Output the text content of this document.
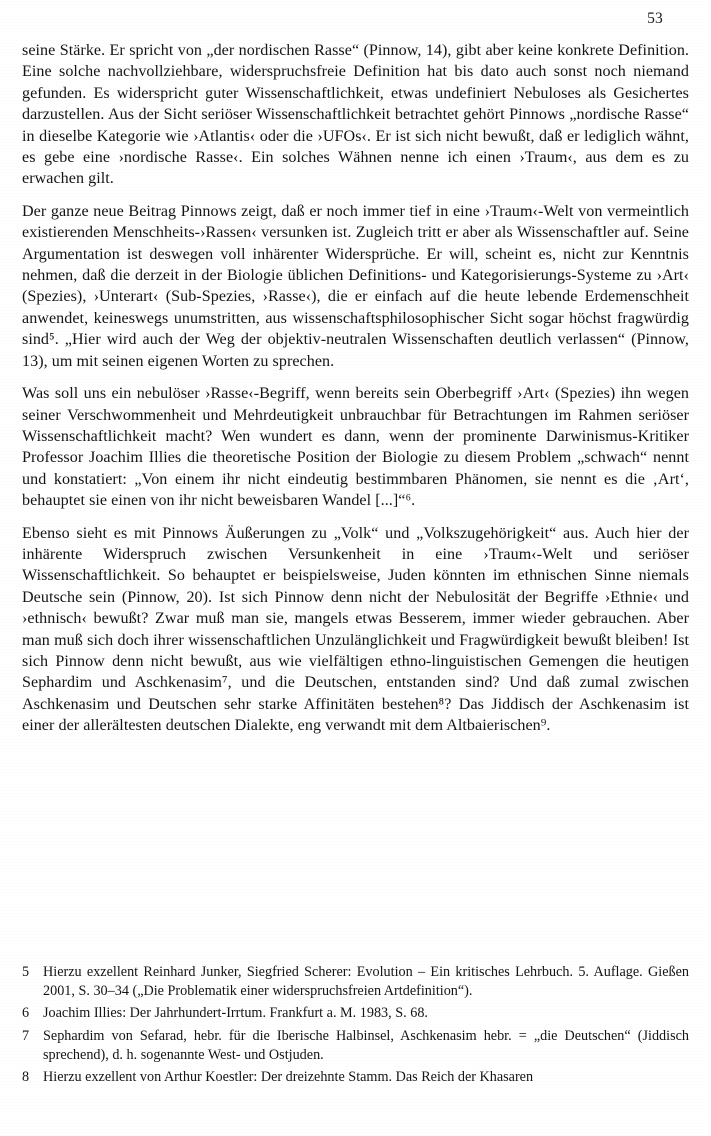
53

seine Stärke. Er spricht von „der nordischen Rasse“ (Pinnow, 14), gibt aber keine konkrete Definition. Eine solche nachvollziehbare, widerspruchsfreie Definition hat bis dato auch sonst noch niemand gefunden. Es widerspricht guter Wissenschaftlichkeit, etwas undefiniert Nebuloses als Gesichertes darzustellen. Aus der Sicht seriöser Wissenschaftlichkeit betrachtet gehört Pinnows „nordische Rasse“ in dieselbe Kategorie wie ›Atlantis‹ oder die ›UFOs‹. Er ist sich nicht bewußt, daß er lediglich wähnt, es gebe eine ›nordische Rasse‹. Ein solches Wähnen nenne ich einen ›Traum‹, aus dem es zu erwachen gilt.

Der ganze neue Beitrag Pinnows zeigt, daß er noch immer tief in eine ›Traum‹-Welt von vermeintlich existierenden Menschheits-›Rassen‹ versunken ist. Zugleich tritt er aber als Wissenschaftler auf. Seine Argumentation ist deswegen voll inhärenter Widersprüche. Er will, scheint es, nicht zur Kenntnis nehmen, daß die derzeit in der Biologie üblichen Definitions- und Kategorisierungs-Systeme zu ›Art‹ (Spezies), ›Unterart‹ (Sub-Spezies, ›Rasse‹), die er einfach auf die heute lebende Erdemenschheit anwendet, keineswegs unumstritten, aus wissenschaftsphilosophischer Sicht sogar höchst fragwürdig sind⁵. „Hier wird auch der Weg der objektiv-neutralen Wissenschaften deutlich verlassen“ (Pinnow, 13), um mit seinen eigenen Worten zu sprechen.

Was soll uns ein nebulöser ›Rasse‹-Begriff, wenn bereits sein Oberbegriff ›Art‹ (Spezies) ihn wegen seiner Verschwommenheit und Mehrdeutigkeit unbrauchbar für Betrachtungen im Rahmen seriöser Wissenschaftlichkeit macht? Wen wundert es dann, wenn der prominente Darwinismus-Kritiker Professor Joachim Illies die theoretische Position der Biologie zu diesem Problem „schwach“ nennt und konstatiert: „Von einem ihr nicht eindeutig bestimmbaren Phänomen, sie nennt es die ‚Art‘, behauptet sie einen von ihr nicht beweisbaren Wandel [...]“⁶.

Ebenso sieht es mit Pinnows Äußerungen zu „Volk“ und „Volkszugehörigkeit“ aus. Auch hier der inhärente Widerspruch zwischen Versunkenheit in eine ›Traum‹-Welt und seriöser Wissenschaftlichkeit. So behauptet er beispielsweise, Juden könnten im ethnischen Sinne niemals Deutsche sein (Pinnow, 20). Ist sich Pinnow denn nicht der Nebulosität der Begriffe ›Ethnie‹ und ›ethnisch‹ bewußt? Zwar muß man sie, mangels etwas Besserem, immer wieder gebrauchen. Aber man muß sich doch ihrer wissenschaftlichen Unzulänglichkeit und Fragwürdigkeit bewußt bleiben! Ist sich Pinnow denn nicht bewußt, aus wie vielfältigen ethno-linguistischen Gemengen die heutigen Sephardim und Aschkenasim⁷, und die Deutschen, entstanden sind? Und daß zumal zwischen Aschkenasim und Deutschen sehr starke Affinitäten bestehen⁸? Das Jiddisch der Aschkenasim ist einer der allerältesten deutschen Dialekte, eng verwandt mit dem Altbaierischen⁹.

5 Hierzu exzellent Reinhard Junker, Siegfried Scherer: Evolution – Ein kritisches Lehrbuch. 5. Auflage. Gießen 2001, S. 30–34 („Die Problematik einer widerspruchsfreien Artdefinition“).
6 Joachim Illies: Der Jahrhundert-Irrtum. Frankfurt a. M. 1983, S. 68.
7 Sephardim von Sefarad, hebr. für die Iberische Halbinsel, Aschkenasim hebr. = „die Deutschen“ (Jiddisch sprechend), d. h. sogenannte West- und Ostjuden.
8 Hierzu exzellent von Arthur Koestler: Der dreizehnte Stamm. Das Reich der Khasaren
